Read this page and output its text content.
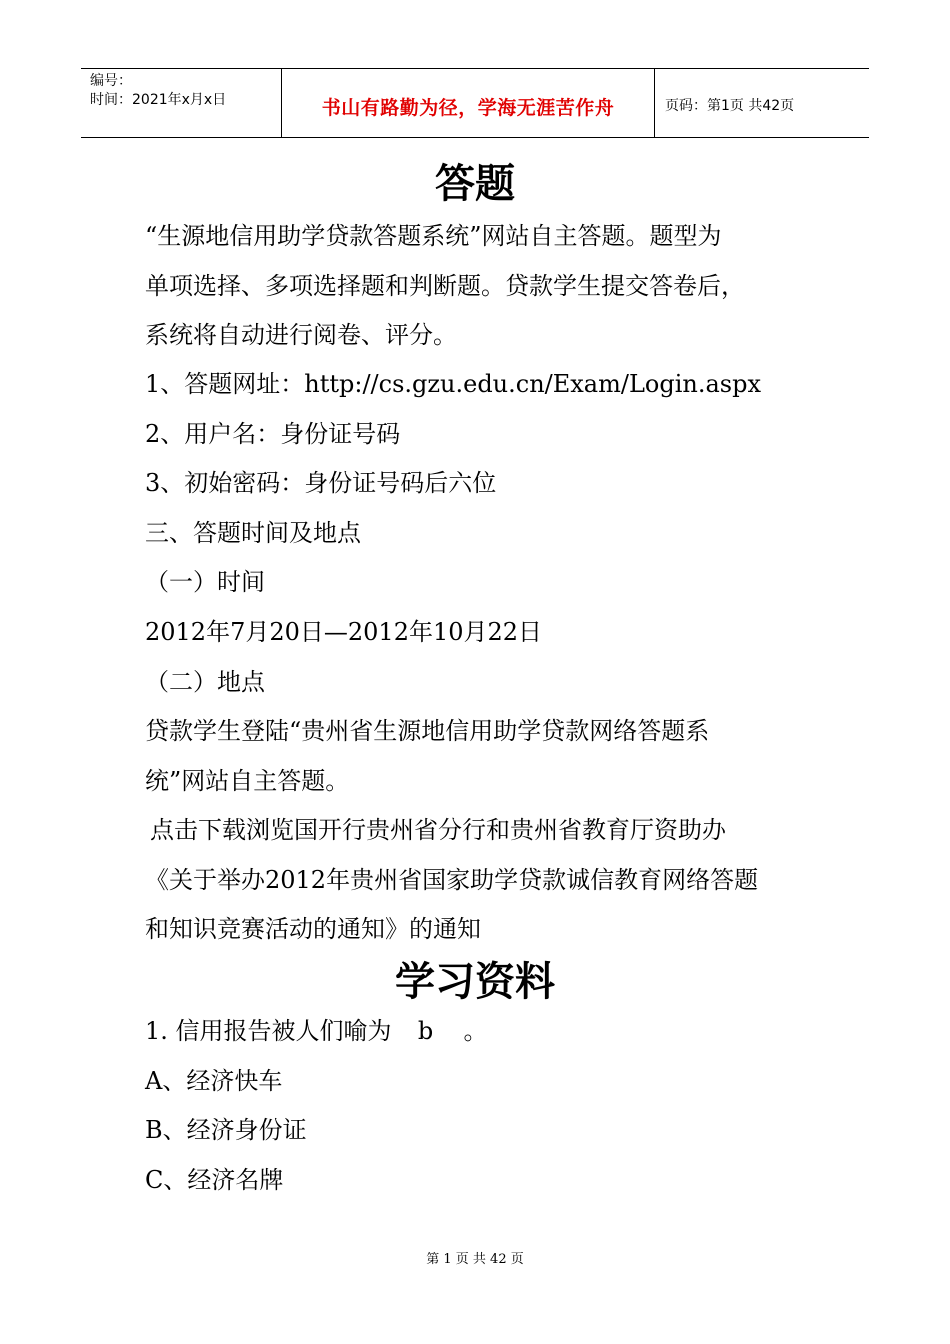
编号：
时间：2021年x月x日	书山有路勤为径，学海无涯苦作舟	页码：第1页 共42页
答题
“生源地信用助学贷款答题系统”网站自主答题。题型为
单项选择、多项选择题和判断题。贷款学生提交答卷后，
系统将自动进行阅卷、评分。
1、答题网址：http://cs.gzu.edu.cn/Exam/Login.aspx
2、用户名：身份证号码
3、初始密码：身份证号码后六位
三、答题时间及地点
（一）时间
2012年7月20日—2012年10月22日
（二）地点
贷款学生登陆“贵州省生源地信用助学贷款网络答题系
统”网站自主答题。
点击下载浏览国开行贵州省分行和贵州省教育厅资助办
《关于举办2012年贵州省国家助学贷款诚信教育网络答题
和知识竞赛活动的通知》的通知
学习资料
1. 信用报告被人们喻为 b 。
A、经济快车
B、经济身份证
C、经济名牌
第 1 页 共 42 页
